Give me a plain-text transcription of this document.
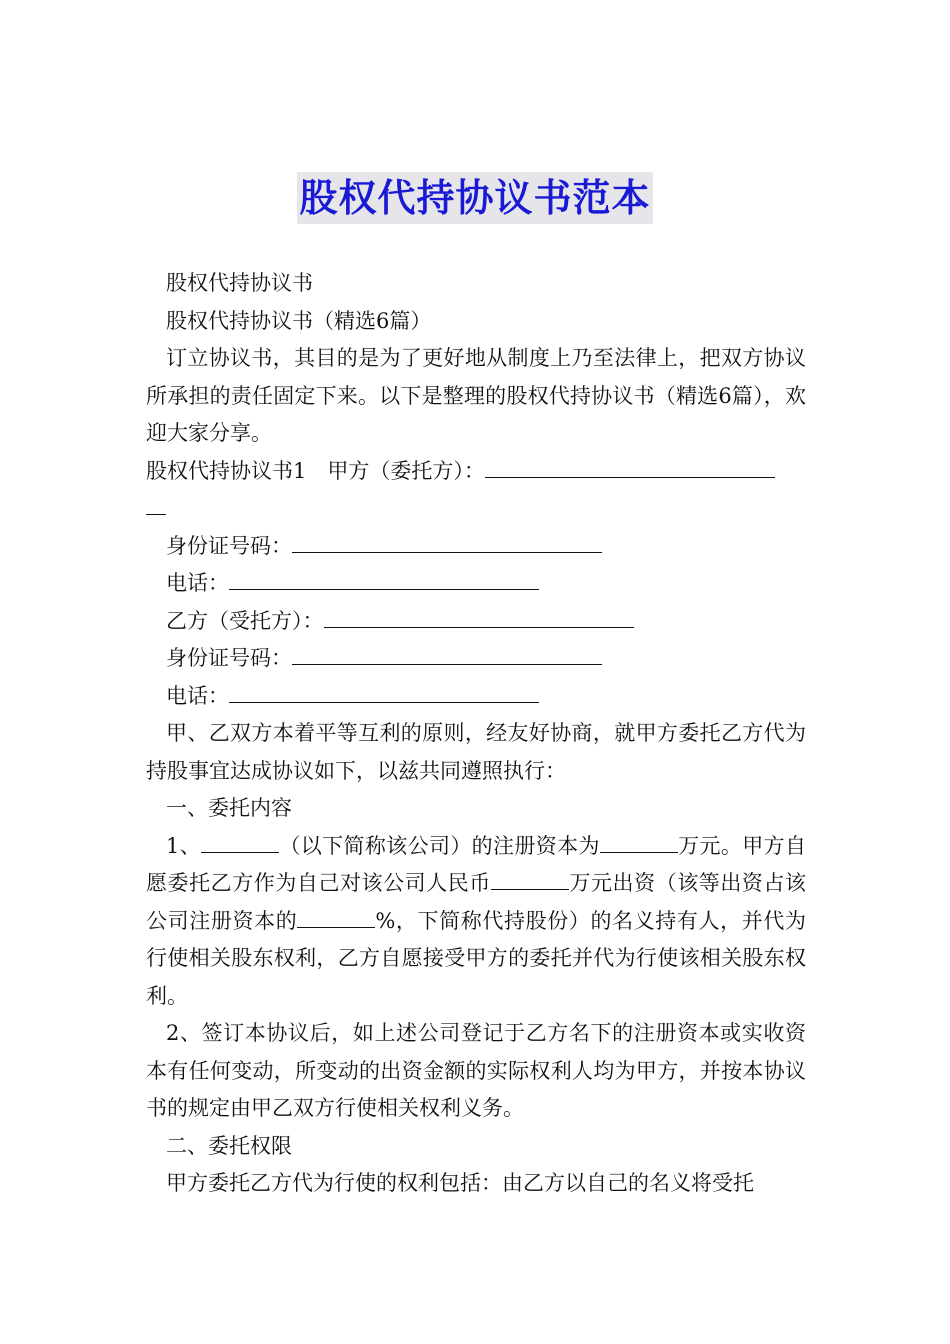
股权代持协议书范本

股权代持协议书

股权代持协议书（精选6篇）

订立协议书，其目的是为了更好地从制度上乃至法律上，把双方协议所承担的责任固定下来。以下是整理的股权代持协议书（精选6篇），欢迎大家分享。

股权代持协议书1　甲方（委托方）：

身份证号码：

电话：

乙方（受托方）：

身份证号码：

电话：

甲、乙双方本着平等互利的原则，经友好协商，就甲方委托乙方代为持股事宜达成协议如下，以兹共同遵照执行：

一、委托内容

1、	（以下简称该公司）的注册资本为	万元。甲方自愿委托乙方作为自己对该公司人民币	万元出资（该等出资占该公司注册资本的	%，下简称代持股份）的名义持有人，并代为行使相关股东权利，乙方自愿接受甲方的委托并代为行使该相关股东权利。

2、签订本协议后，如上述公司登记于乙方名下的注册资本或实收资本有任何变动，所变动的出资金额的实际权利人均为甲方，并按本协议书的规定由甲乙双方行使相关权利义务。

二、委托权限

甲方委托乙方代为行使的权利包括：由乙方以自己的名义将受托
